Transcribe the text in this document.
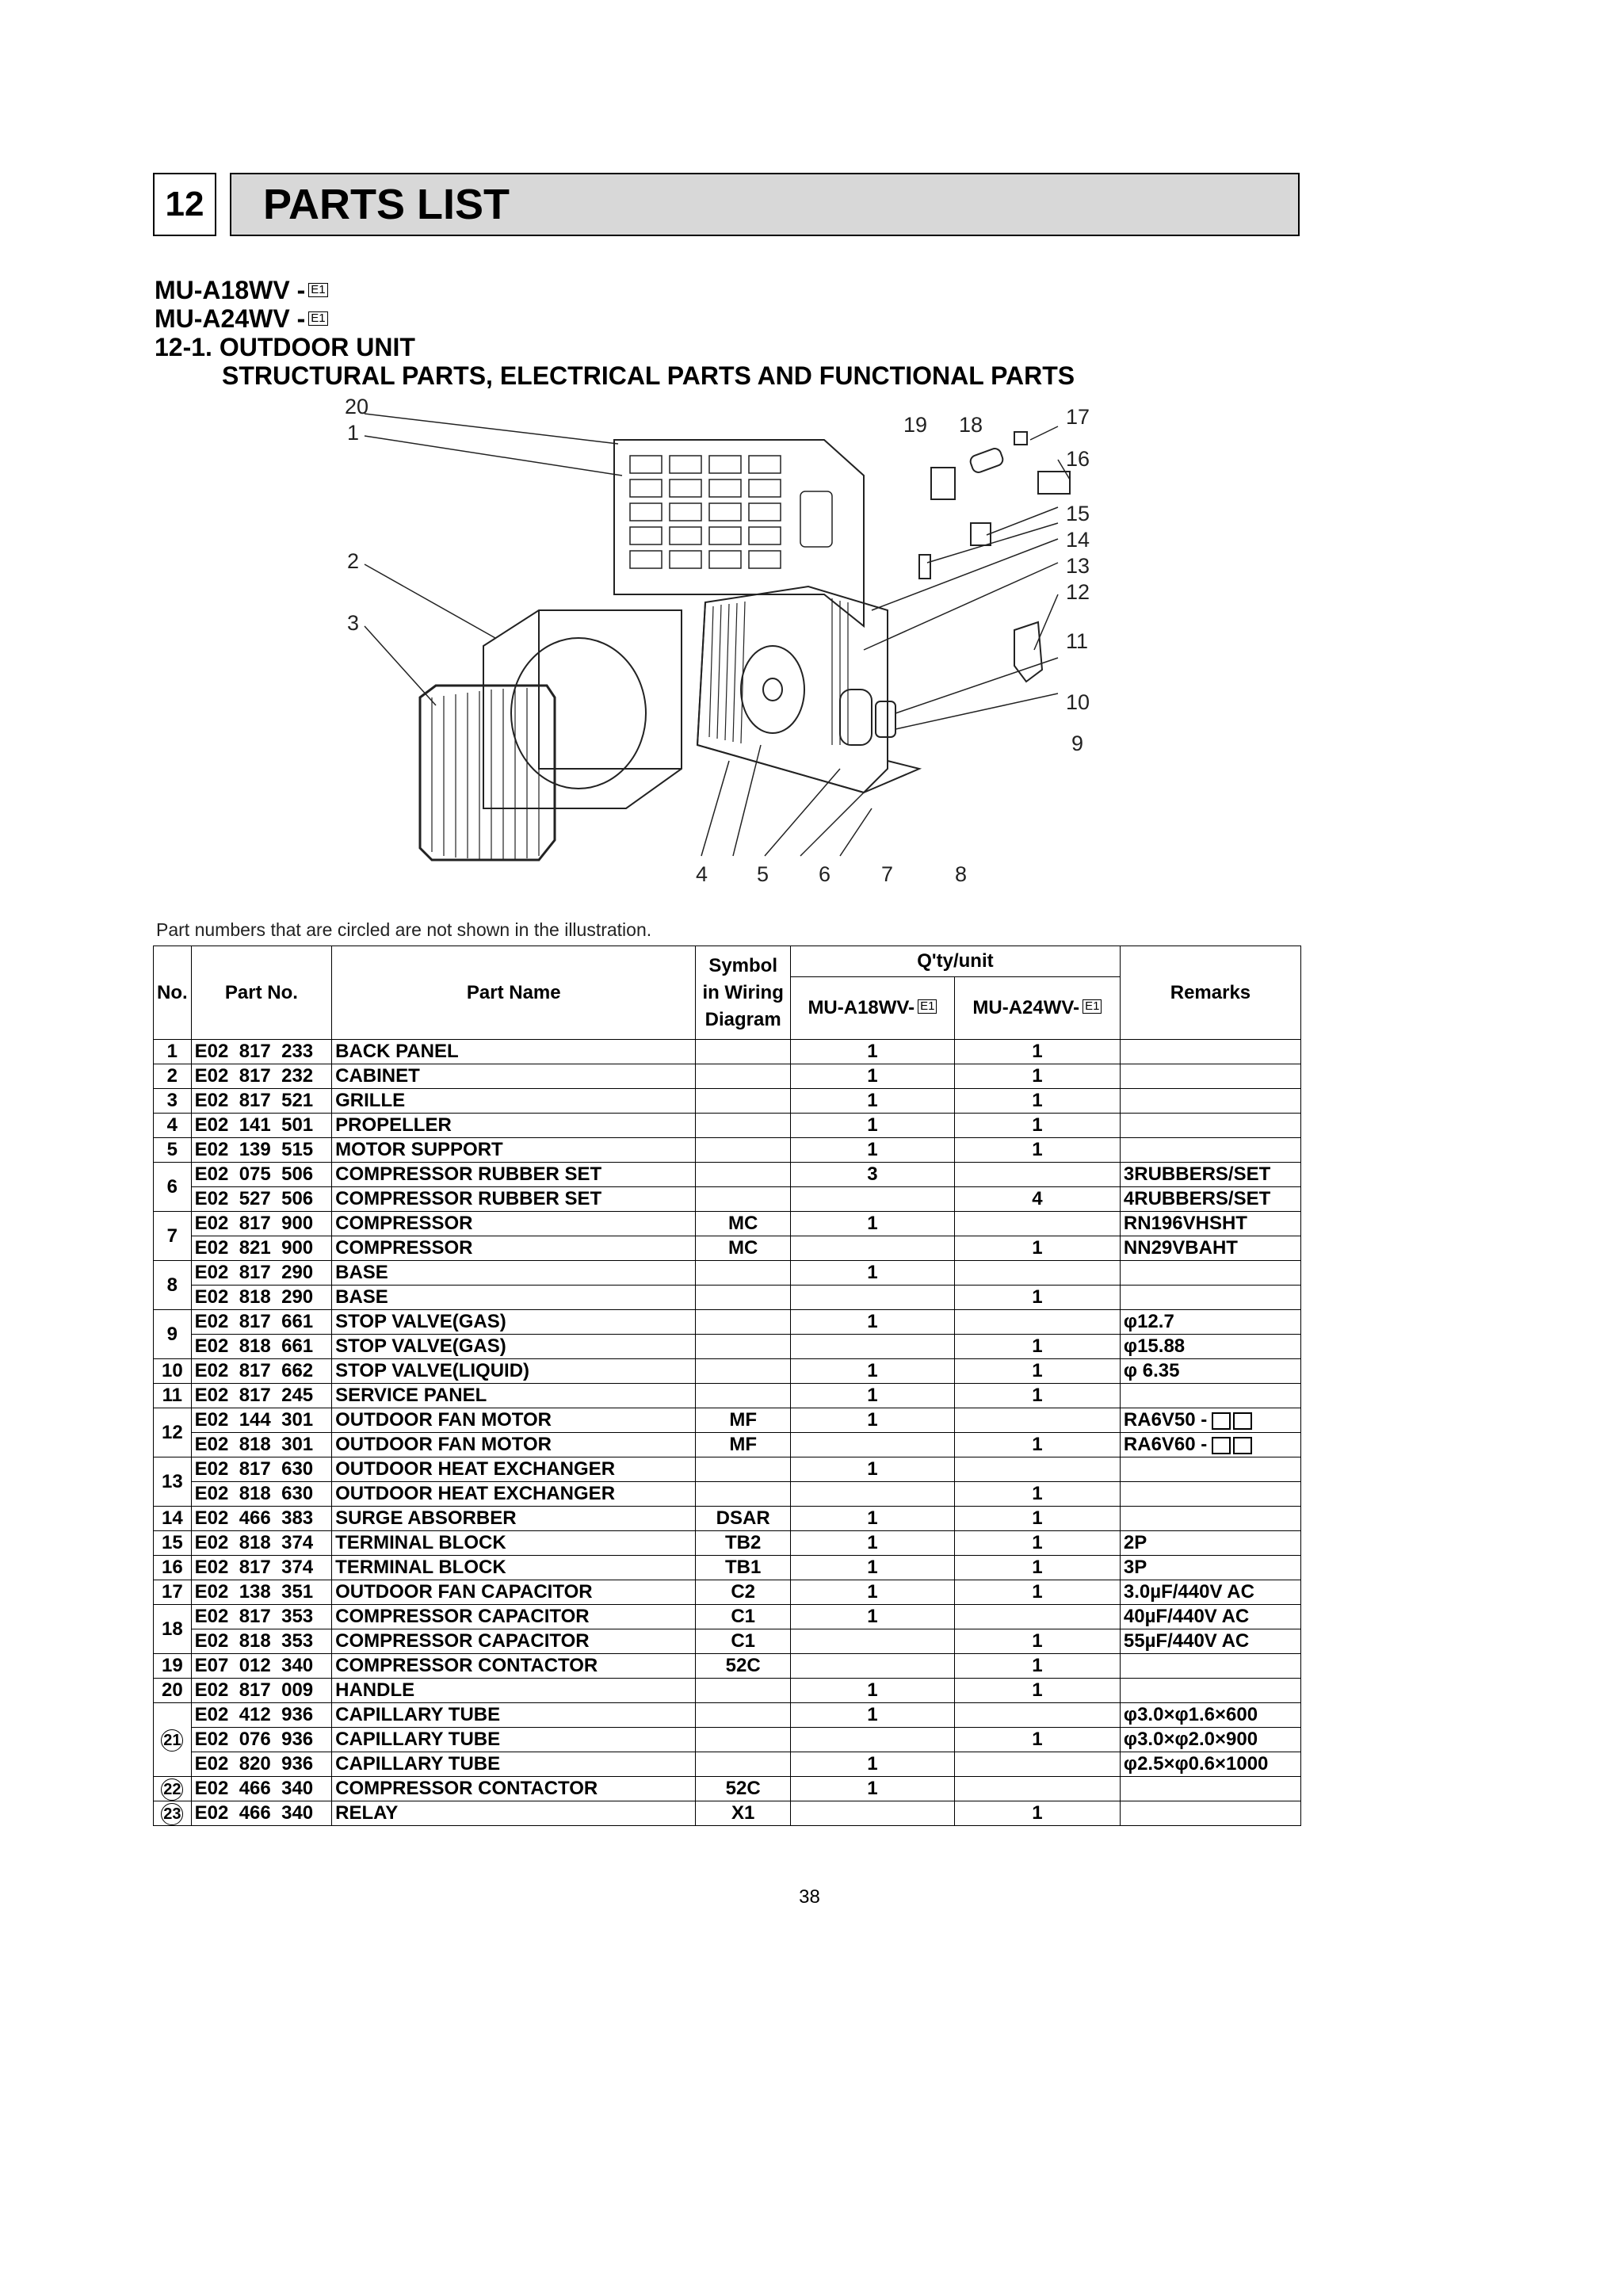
12	PARTS LIST
MU-A18WV - E1
MU-A24WV - E1
12-1. OUTDOOR UNIT
STRUCTURAL PARTS, ELECTRICAL PARTS AND FUNCTIONAL PARTS
20
1
2
3
19 18	17
16
15
14
13
12
11
10
9
4 5 6 7	8
Part numbers that are circled are not shown in the illustration.
No.	Part No.	Part Name	Symbol in Wiring Diagram	Q'ty/unit		Remarks
				MU-A18WV- E1	MU-A24WV- E1	
1	E02  817  233	BACK PANEL		1	1	
2	E02  817  232	CABINET		1	1	
3	E02  817  521	GRILLE		1	1	
4	E02  141  501	PROPELLER		1	1	
5	E02  139  515	MOTOR SUPPORT		1	1	
6	E02  075  506	COMPRESSOR RUBBER SET		3		3RUBBERS/SET
	E02  527  506	COMPRESSOR RUBBER SET			4	4RUBBERS/SET
7	E02  817  900	COMPRESSOR	MC	1		RN196VHSHT
	E02  821  900	COMPRESSOR	MC		1	NN29VBAHT
8	E02  817  290	BASE		1		
	E02  818  290	BASE			1	
9	E02  817  661	STOP VALVE(GAS)		1		φ12.7
	E02  818  661	STOP VALVE(GAS)			1	φ15.88
10	E02  817  662	STOP VALVE(LIQUID)		1	1	φ 6.35
11	E02  817  245	SERVICE PANEL		1	1	
12	E02  144  301	OUTDOOR FAN MOTOR	MF	1		RA6V50 -
	E02  818  301	OUTDOOR FAN MOTOR	MF		1	RA6V60 -
13	E02  817  630	OUTDOOR HEAT EXCHANGER		1		
	E02  818  630	OUTDOOR HEAT EXCHANGER			1	
14	E02  466  383	SURGE ABSORBER	DSAR	1	1	
15	E02  818  374	TERMINAL BLOCK	TB2	1	1	2P
16	E02  817  374	TERMINAL BLOCK	TB1	1	1	3P
17	E02  138  351	OUTDOOR FAN CAPACITOR	C2	1	1	3.0µF/440V AC
18	E02  817  353	COMPRESSOR CAPACITOR	C1	1		40µF/440V AC
	E02  818  353	COMPRESSOR CAPACITOR	C1		1	55µF/440V AC
19	E07  012  340	COMPRESSOR CONTACTOR	52C		1	
20	E02  817  009	HANDLE		1	1	
21	E02  412  936	CAPILLARY TUBE		1		φ3.0×φ1.6×600
	E02  076  936	CAPILLARY TUBE			1	φ3.0×φ2.0×900
	E02  820  936	CAPILLARY TUBE		1		φ2.5×φ0.6×1000
22	E02  466  340	COMPRESSOR CONTACTOR	52C	1		
23	E02  466  340	RELAY	X1		1	
38
